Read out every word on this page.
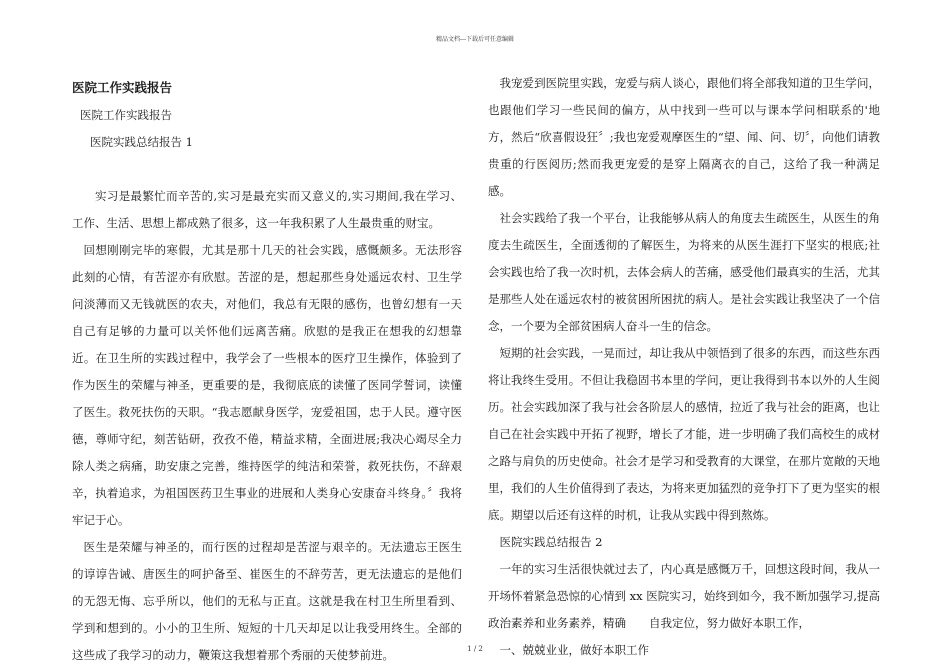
精品文档---下载后可任意编辑
医院工作实践报告
医院工作实践报告
医院实践总结报告 1

实习是最繁忙而辛苦的,实习是最充实而又意义的,实习期间,我在学习、工作、生活、思想上都成熟了很多，这一年我积累了人生最贵重的财宝。

回想刚刚完毕的寒假，尤其是那十几天的社会实践，感慨颇多。无法形容此刻的心情，有苦涩亦有欣慰。苦涩的是，想起那些身处遥远农村、卫生学问淡薄而又无钱就医的农夫，对他们，我总有无限的感伤，也曾幻想有一天自己有足够的力量可以关怀他们远离苦痛。欣慰的是我正在想我的幻想靠近。在卫生所的实践过程中，我学会了一些根本的医疗卫生操作，体验到了作为医生的荣耀与神圣，更重要的是，我彻底底的读懂了医同学誓词，读懂了医生。救死扶伤的天职。“我志愿献身医学，宠爱祖国，忠于人民。遵守医德，尊师守纪，刻苦钻研，孜孜不倦，精益求精，全面进展;我决心竭尽全力除人类之病痛，助安康之完善，维持医学的纯洁和荣誉，救死扶伤，不辞艰辛，执着追求，为祖国医药卫生事业的进展和人类身心安康奋斗终身。〞我将牢记于心。

医生是荣耀与神圣的，而行医的过程却是苦涩与艰辛的。无法遗忘王医生的谆谆告诫、唐医生的呵护备至、崔医生的不辞劳苦，更无法遗忘的是他们的无怨无悔、忘乎所以，他们的无私与正直。这就是我在村卫生所里看到、学到和想到的。小小的卫生所、短短的十几天却足以让我受用终生。全部的这些成了我学习的动力，鞭策这我想着那个秀丽的天使梦前进。

我宠爱到医院里实践，宠爱与病人谈心，跟他们将全部我知道的卫生学问，也跟他们学习一些民间的偏方，从中找到一些可以与课本学问相联系的'地方，然后“欣喜假设狂〞;我也宠爱观摩医生的“望、闻、问、切〞，向他们请教贵重的行医阅历;然而我更宠爱的是穿上隔离衣的自己，这给了我一种满足感。

社会实践给了我一个平台，让我能够从病人的角度去生疏医生，从医生的角度去生疏医生，全面透彻的了解医生，为将来的从医生涯打下坚实的根底;社会实践也给了我一次时机，去体会病人的苦痛，感受他们最真实的生活，尤其是那些人处在遥远农村的被贫困所困扰的病人。是社会实践让我坚决了一个信念，一个要为全部贫困病人奋斗一生的信念。

短期的社会实践，一晃而过，却让我从中领悟到了很多的东西，而这些东西将让我终生受用。不但让我稳固书本里的学问，更让我得到书本以外的人生阅历。社会实践加深了我与社会各阶层人的感情，拉近了我与社会的距离，也让自己在社会实践中开拓了视野，增长了才能，进一步明确了我们高校生的成材之路与肩负的历史使命。社会才是学习和受教育的大课堂，在那片宽敞的天地里，我们的人生价值得到了表达，为将来更加猛烈的竞争打下了更为坚实的根底。期望以后还有这样的时机，让我从实践中得到熬炼。

医院实践总结报告 2

一年的实习生活很快就过去了，内心真是感慨万千，回想这段时间，我从一开场怀着紧急恐惊的心情到 xx 医院实习，始终到如今，我不断加强学习,提高政治素养和业务素养，精确　　自我定位，努力做好本职工作，

一、兢兢业业，做好本职工作

1 / 2
